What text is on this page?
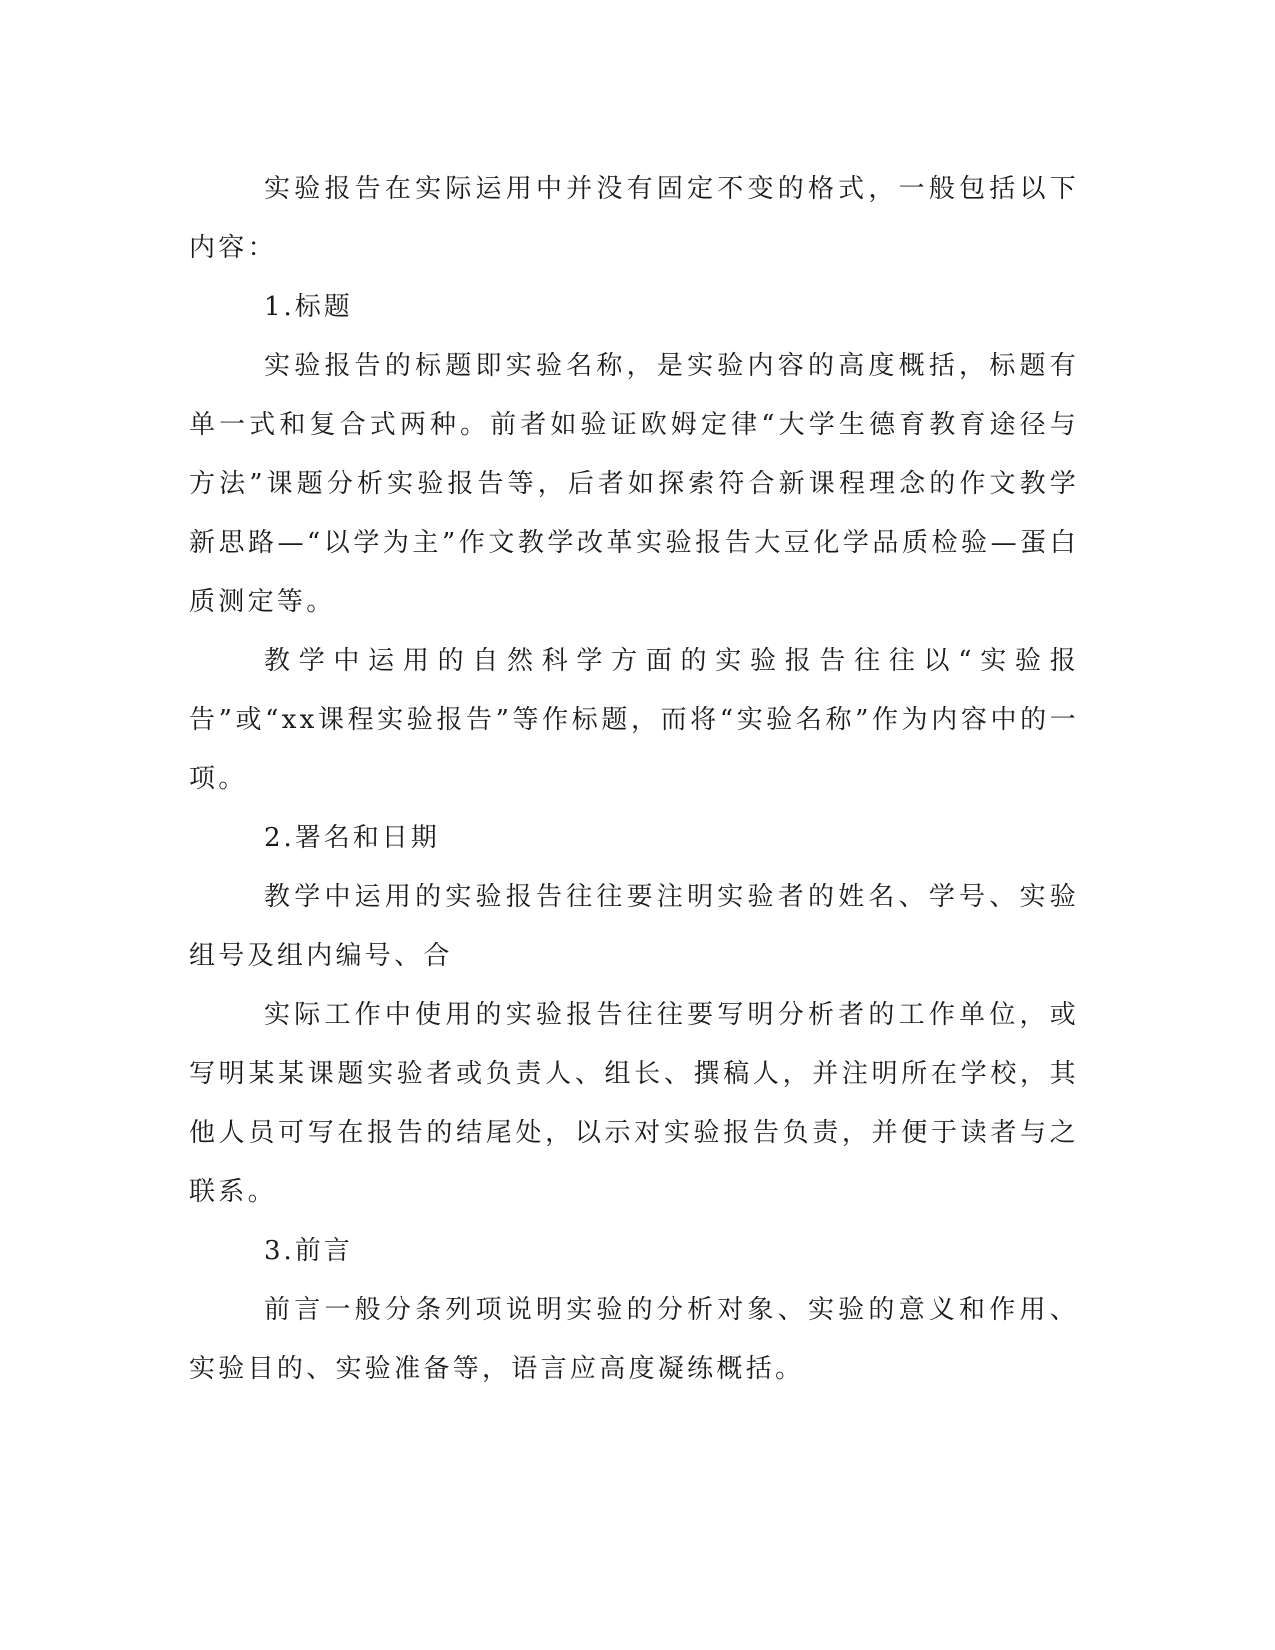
实验报告在实际运用中并没有固定不变的格式，一般包括以下内容：

1.标题

实验报告的标题即实验名称，是实验内容的高度概括，标题有单一式和复合式两种。前者如验证欧姆定律“大学生德育教育途径与方法”课题分析实验报告等，后者如探索符合新课程理念的作文教学新思路—“以学为主”作文教学改革实验报告大豆化学品质检验—蛋白质测定等。

教学中运用的自然科学方面的实验报告往往以“实验报告”或“xx课程实验报告”等作标题，而将“实验名称”作为内容中的一项。

2.署名和日期

教学中运用的实验报告往往要注明实验者的姓名、学号、实验组号及组内编号、合

实际工作中使用的实验报告往往要写明分析者的工作单位，或写明某某课题实验者或负责人、组长、撰稿人，并注明所在学校，其他人员可写在报告的结尾处，以示对实验报告负责，并便于读者与之联系。

3.前言

前言一般分条列项说明实验的分析对象、实验的意义和作用、实验目的、实验准备等，语言应高度凝练概括。
